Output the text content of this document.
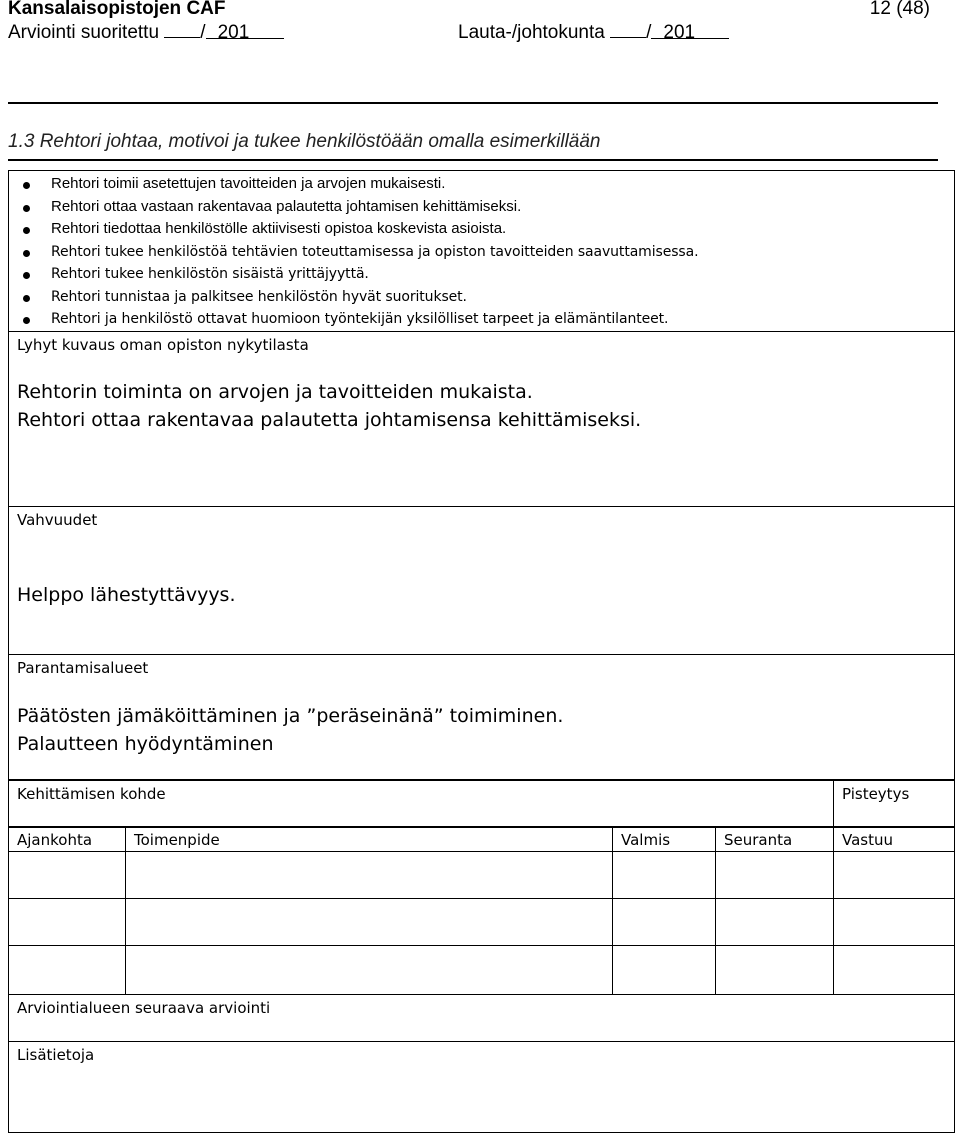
Kansalaisopistojen CAF	12 (48)
Arviointi suoritettu / 201	Lauta-/johtokunta / 201
1.3 Rehtori johtaa, motivoi ja tukee henkilöstöään omalla esimerkillään
Rehtori toimii asetettujen tavoitteiden ja arvojen mukaisesti.
Rehtori ottaa vastaan rakentavaa palautetta johtamisen kehittämiseksi.
Rehtori tiedottaa henkilöstölle aktiivisesti opistoa koskevista asioista.
Rehtori tukee henkilöstöä tehtävien toteuttamisessa ja opiston tavoitteiden saavuttamisessa.
Rehtori tukee henkilöstön sisäistä yrittäjyyttä.
Rehtori tunnistaa ja palkitsee henkilöstön hyvät suoritukset.
Rehtori ja henkilöstö ottavat huomioon työntekijän yksilölliset tarpeet ja elämäntilanteet.
Lyhyt kuvaus oman opiston nykytilasta
Rehtorin toiminta on arvojen ja tavoitteiden mukaista.
Rehtori ottaa rakentavaa palautetta johtamisensa kehittämiseksi.
Vahvuudet
Helppo lähestyttävyys.
Parantamisalueet
Päätösten jämäköittäminen ja ”peräseinänä” toimiminen.
Palautteen hyödyntäminen
Kehittämisen kohde	Pisteytys
Ajankohta	Toimenpide	Valmis	Seuranta	Vastuu
Arviointialueen seuraava arviointi
Lisätietoja
